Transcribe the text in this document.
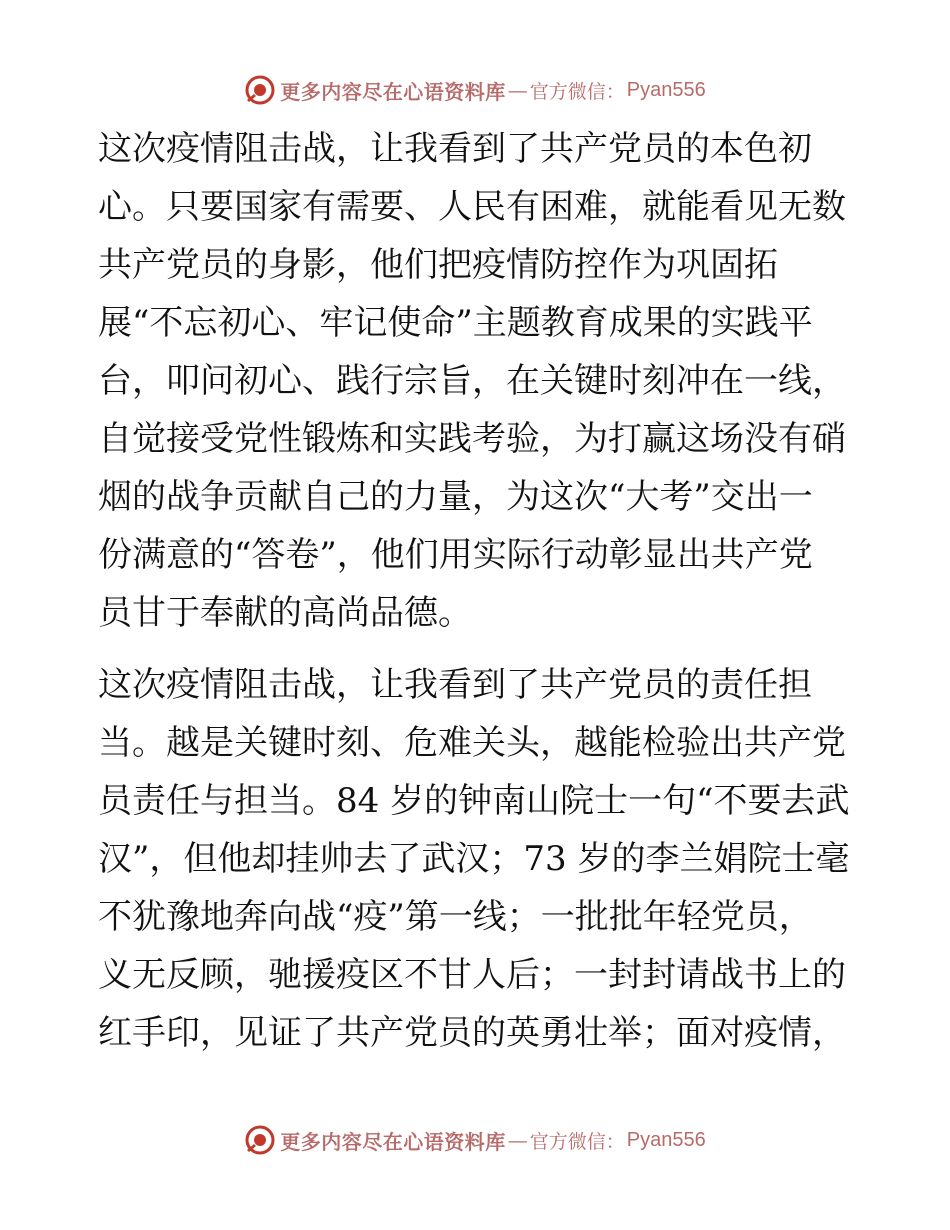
更多内容尽在心语资料库 — 官方微信： Pyan556

这次疫情阻击战，让我看到了共产党员的本色初
心。只要国家有需要、人民有困难，就能看见无数
共产党员的身影，他们把疫情防控作为巩固拓
展“不忘初心、牢记使命”主题教育成果的实践平
台，叩问初心、践行宗旨，在关键时刻冲在一线，
自觉接受党性锻炼和实践考验，为打赢这场没有硝
烟的战争贡献自己的力量，为这次“大考”交出一
份满意的“答卷”，他们用实际行动彰显出共产党
员甘于奉献的高尚品德。

这次疫情阻击战，让我看到了共产党员的责任担
当。越是关键时刻、危难关头，越能检验出共产党
员责任与担当。84 岁的钟南山院士一句“不要去武
汉”，但他却挂帅去了武汉；73 岁的李兰娟院士毫
不犹豫地奔向战“疫”第一线；一批批年轻党员，
义无反顾，驰援疫区不甘人后；一封封请战书上的
红手印，见证了共产党员的英勇壮举；面对疫情，

更多内容尽在心语资料库 — 官方微信： Pyan556
